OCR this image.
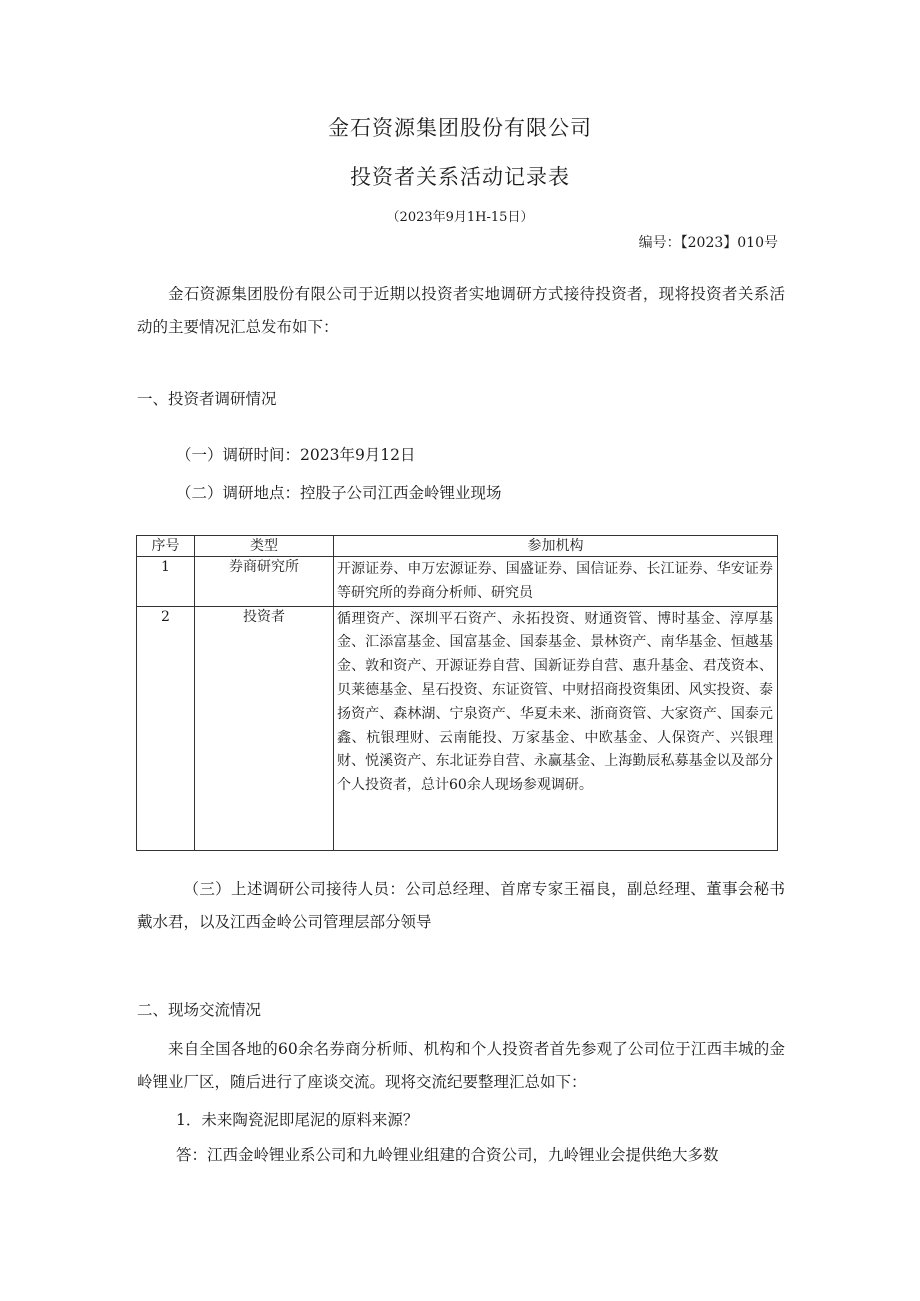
金石资源集团股份有限公司
投资者关系活动记录表
（2023年9月1H-15日）
编号：【2023】010号
金石资源集团股份有限公司于近期以投资者实地调研方式接待投资者，现将投资者关系活动的主要情况汇总发布如下：
一、投资者调研情况
（一）调研时间：2023年9月12日
（二）调研地点：控股子公司江西金岭锂业现场
序号	类型	参加机构
1	券商研究所	开源证券、申万宏源证券、国盛证券、国信证券、长江证券、华安证券等研究所的券商分析师、研究员
2	投资者	循理资产、深圳平石资产、永拓投资、财通资管、博时基金、淳厚基金、汇添富基金、国富基金、国泰基金、景林资产、南华基金、恒越基金、敦和资产、开源证券自营、国新证券自营、惠升基金、君茂资本、贝莱德基金、星石投资、东证资管、中财招商投资集团、风实投资、泰扬资产、森林湖、宁泉资产、华夏未来、浙商资管、大家资产、国泰元鑫、杭银理财、云南能投、万家基金、中欧基金、人保资产、兴银理财、悦溪资产、东北证券自营、永赢基金、上海勤辰私募基金以及部分个人投资者，总计60余人现场参观调研。
（三）上述调研公司接待人员：公司总经理、首席专家王福良，副总经理、董事会秘书戴水君，以及江西金岭公司管理层部分领导
二、现场交流情况
来自全国各地的60余名券商分析师、机构和个人投资者首先参观了公司位于江西丰城的金岭锂业厂区，随后进行了座谈交流。现将交流纪要整理汇总如下：
1．未来陶瓷泥即尾泥的原料来源？
答：江西金岭锂业系公司和九岭锂业组建的合资公司，九岭锂业会提供绝大多数
